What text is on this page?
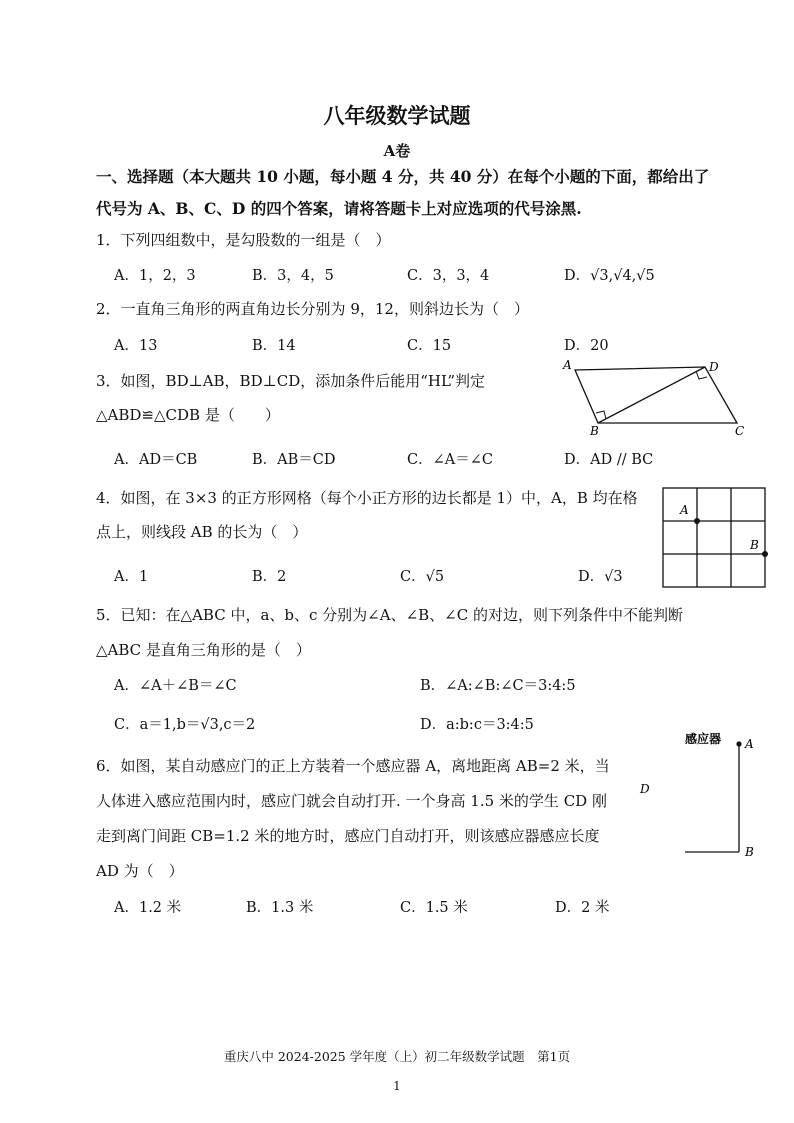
八年级数学试题
A卷
一、选择题（本大题共 10 小题，每小题 4 分，共 40 分）在每个小题的下面，都给出了
代号为 A、B、C、D 的四个答案，请将答题卡上对应选项的代号涂黑.
1．下列四组数中，是勾股数的一组是（　）
A．1，2，3	B．3，4，5	C．3，3，4	D．√3,√4,√5
2．一直角三角形的两直角边长分别为 9，12，则斜边长为（　）
A．13	B．14	C．15	D．20
3．如图，BD⊥AB，BD⊥CD，添加条件后能用“HL”判定
△ABD≌△CDB 是（　　）
A．AD＝CB	B．AB＝CD	C．∠A＝∠C	D．AD // BC
A	D
B	C
4．如图，在 3×3 的正方形网格（每个小正方形的边长都是 1）中，A，B 均在格
点上，则线段 AB 的长为（　）
A．1	B．2	C．√5	D．√3
A
B
5．已知：在△ABC 中，a、b、c 分别为∠A、∠B、∠C 的对边，则下列条件中不能判断
△ABC 是直角三角形的是（　）
A．∠A＋∠B＝∠C	B．∠A:∠B:∠C＝3:4:5
C．a＝1,b＝√3,c＝2	D．a:b:c＝3:4:5
6．如图，某自动感应门的正上方装着一个感应器 A，离地距离 AB=2 米，当
人体进入感应范围内时，感应门就会自动打开. 一个身高 1.5 米的学生 CD 刚
走到离门间距 CB=1.2 米的地方时，感应门自动打开，则该感应器感应长度
AD 为（　）
A．1.2 米	B．1.3 米	C．1.5 米	D．2 米
感应器 A
D
B
重庆八中 2024-2025 学年度（上）初二年级数学试题　第1页
1
